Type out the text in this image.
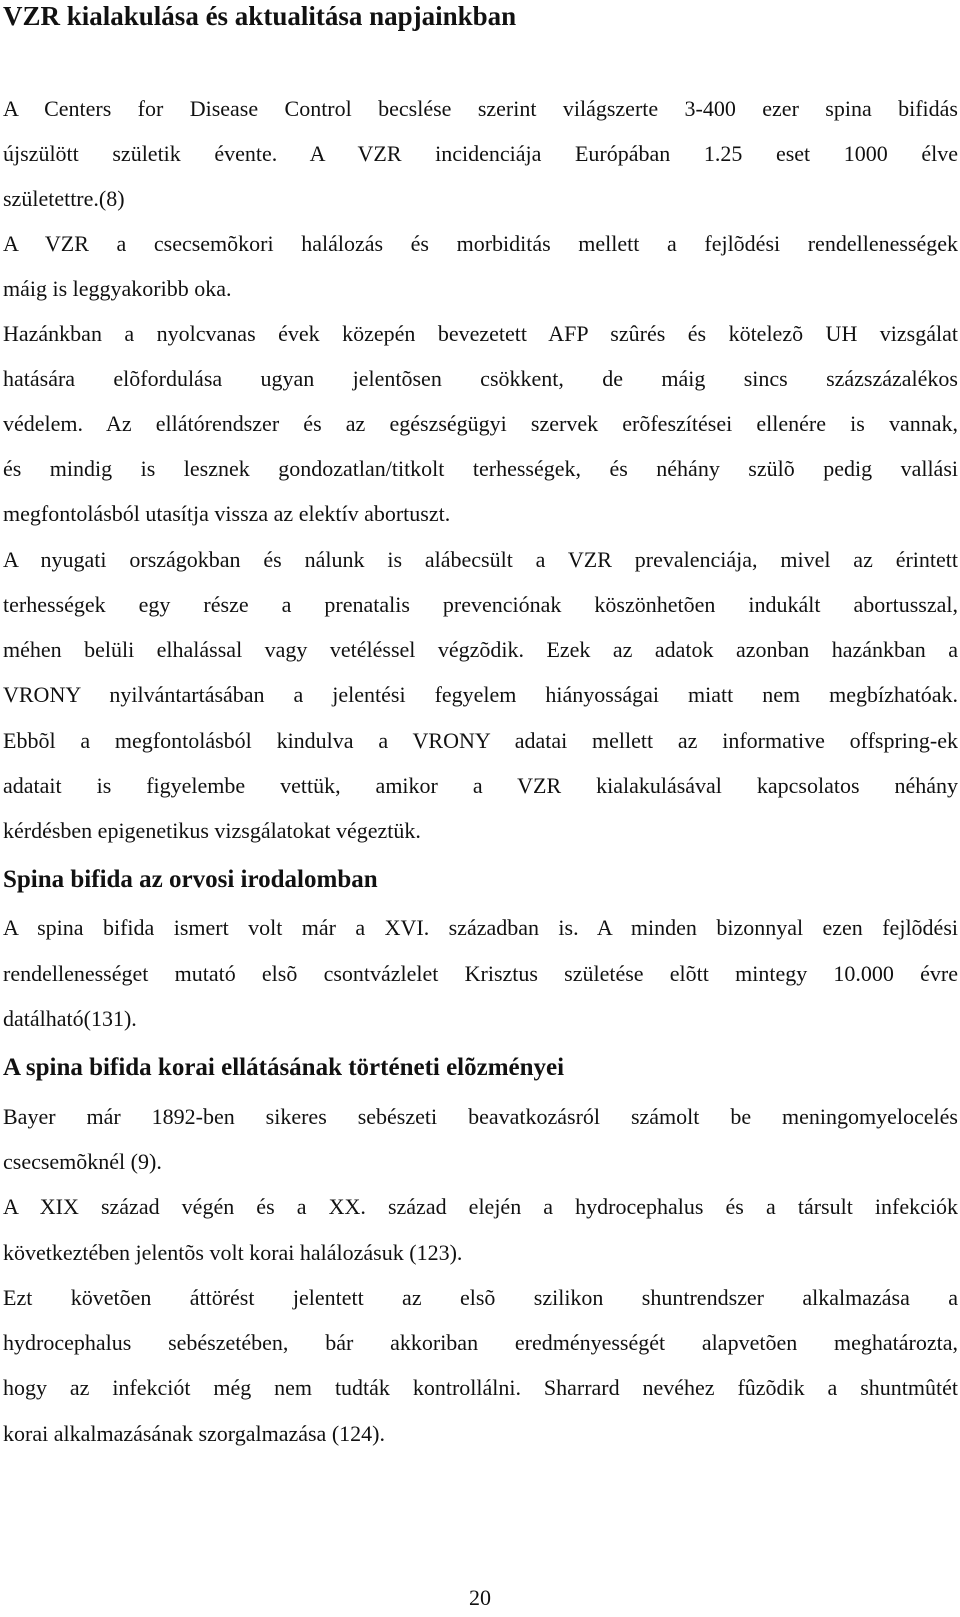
VZR kialakulása és aktualitása napjainkban
A Centers for Disease Control becslése szerint világszerte 3-400 ezer spina bifidás
újszülött születik évente. A VZR incidenciája Európában 1.25 eset 1000 élve
születettre.(8)
A VZR a csecsemõkori halálozás és morbiditás mellett a fejlõdési rendellenességek
máig is leggyakoribb oka.
Hazánkban a nyolcvanas évek közepén bevezetett AFP szûrés és kötelezõ UH vizsgálat
hatására elõfordulása ugyan jelentõsen csökkent, de máig sincs százszázalékos
védelem. Az ellátórendszer és az egészségügyi szervek erõfeszítései ellenére is vannak,
és mindig is lesznek gondozatlan/titkolt terhességek, és néhány szülõ pedig vallási
megfontolásból utasítja vissza az elektív abortuszt.
A nyugati országokban és nálunk is alábecsült a VZR prevalenciája, mivel az érintett
terhességek egy része a prenatalis prevenciónak köszönhetõen indukált abortusszal,
méhen belüli elhalással vagy vetéléssel végzõdik. Ezek az adatok azonban hazánkban a
VRONY nyilvántartásában a jelentési fegyelem hiányosságai miatt nem megbízhatóak.
Ebbõl a megfontolásból kindulva a VRONY adatai mellett az informative offspring-ek
adatait is figyelembe vettük, amikor a VZR kialakulásával kapcsolatos néhány
kérdésben epigenetikus vizsgálatokat végeztük.
Spina bifida az orvosi irodalomban
A spina bifida ismert volt már a XVI. században is. A minden bizonnyal ezen fejlõdési
rendellenességet mutató elsõ csontvázlelet Krisztus születése elõtt mintegy 10.000 évre
datálható(131).
A spina bifida korai ellátásának történeti elõzményei
Bayer már 1892-ben sikeres sebészeti beavatkozásról számolt be meningomyelocelés
csecsemõknél (9).
A XIX század végén és a XX. század elején a hydrocephalus és a társult infekciók
következtében jelentõs volt korai halálozásuk (123).
Ezt követõen áttörést jelentett az elsõ szilikon shuntrendszer alkalmazása a
hydrocephalus sebészetében, bár akkoriban eredményességét alapvetõen meghatározta,
hogy az infekciót még nem tudták kontrollálni. Sharrard nevéhez fûzõdik a shuntmûtét
korai alkalmazásának szorgalmazása (124).
20
